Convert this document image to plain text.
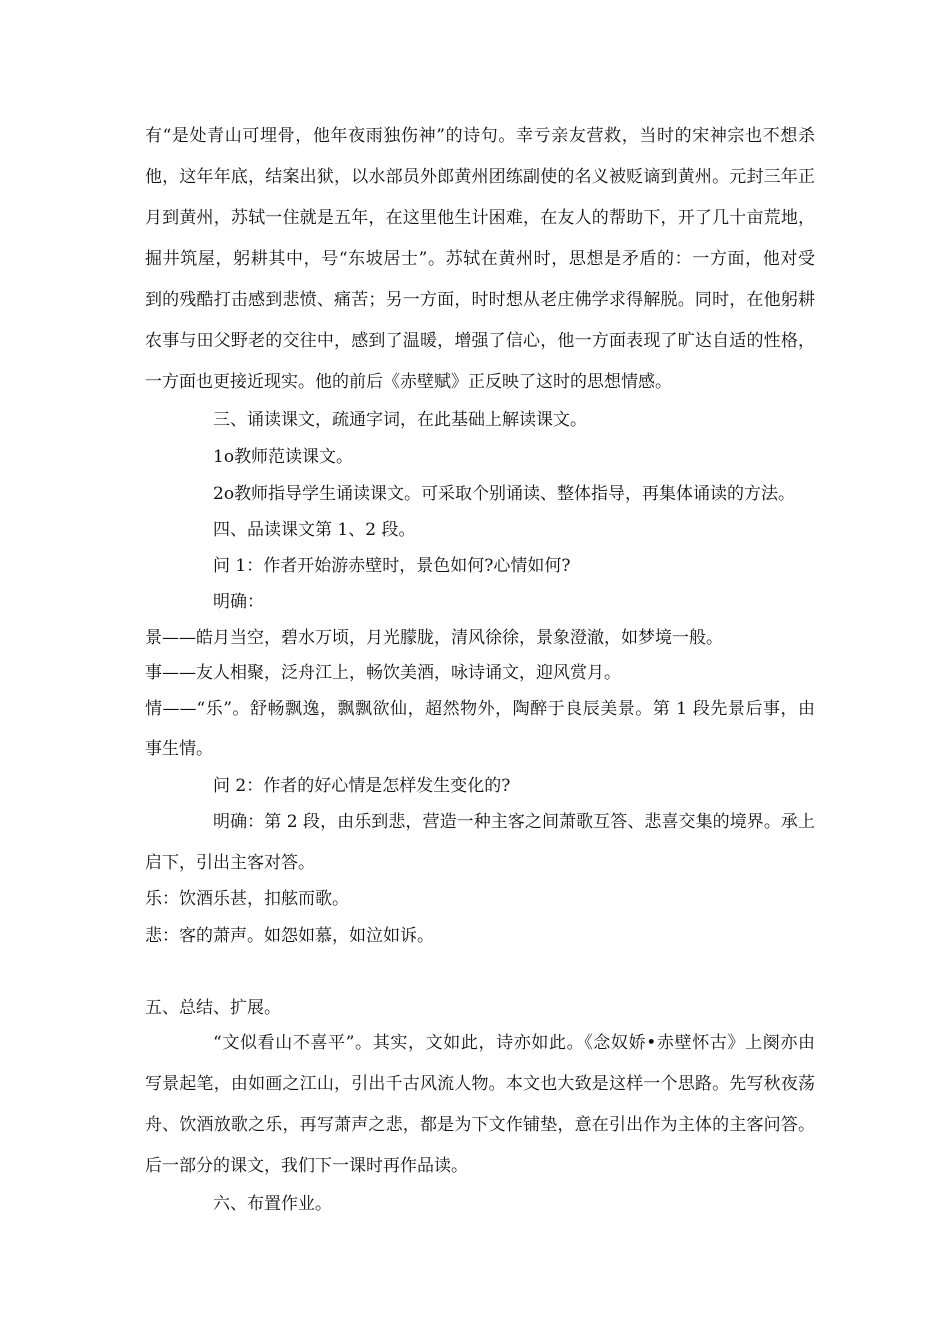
有“是处青山可埋骨，他年夜雨独伤神”的诗句。幸亏亲友营救，当时的宋神宗也不想杀
他，这年年底，结案出狱，以水部员外郎黄州团练副使的名义被贬谪到黄州。元封三年正
月到黄州，苏轼一住就是五年，在这里他生计困难，在友人的帮助下，开了几十亩荒地，
掘井筑屋，躬耕其中，号“东坡居士”。苏轼在黄州时，思想是矛盾的：一方面，他对受
到的残酷打击感到悲愤、痛苦；另一方面，时时想从老庄佛学求得解脱。同时，在他躬耕
农事与田父野老的交往中，感到了温暖，增强了信心，他一方面表现了旷达自适的性格，
一方面也更接近现实。他的前后《赤壁赋》正反映了这时的思想情感。
三、诵读课文，疏通字词，在此基础上解读课文。
1o教师范读课文。
2o教师指导学生诵读课文。可采取个别诵读、整体指导，再集体诵读的方法。
四、品读课文第 1、2 段。
问 1：作者开始游赤壁时，景色如何?心情如何?
明确：
景——皓月当空，碧水万顷，月光朦胧，清风徐徐，景象澄澈，如梦境一般。
事——友人相聚，泛舟江上，畅饮美酒，咏诗诵文，迎风赏月。
情——“乐”。舒畅飘逸，飘飘欲仙，超然物外，陶醉于良辰美景。第 1 段先景后事，由
事生情。
问 2：作者的好心情是怎样发生变化的?
明确：第 2 段，由乐到悲，营造一种主客之间萧歌互答、悲喜交集的境界。承上
启下，引出主客对答。
乐：饮酒乐甚，扣舷而歌。
悲：客的萧声。如怨如慕，如泣如诉。
五、总结、扩展。
“文似看山不喜平”。其实，文如此，诗亦如此。《念奴娇•赤壁怀古》上阕亦由
写景起笔，由如画之江山，引出千古风流人物。本文也大致是这样一个思路。先写秋夜荡
舟、饮酒放歌之乐，再写萧声之悲，都是为下文作铺垫，意在引出作为主体的主客问答。
后一部分的课文，我们下一课时再作品读。
六、布置作业。
